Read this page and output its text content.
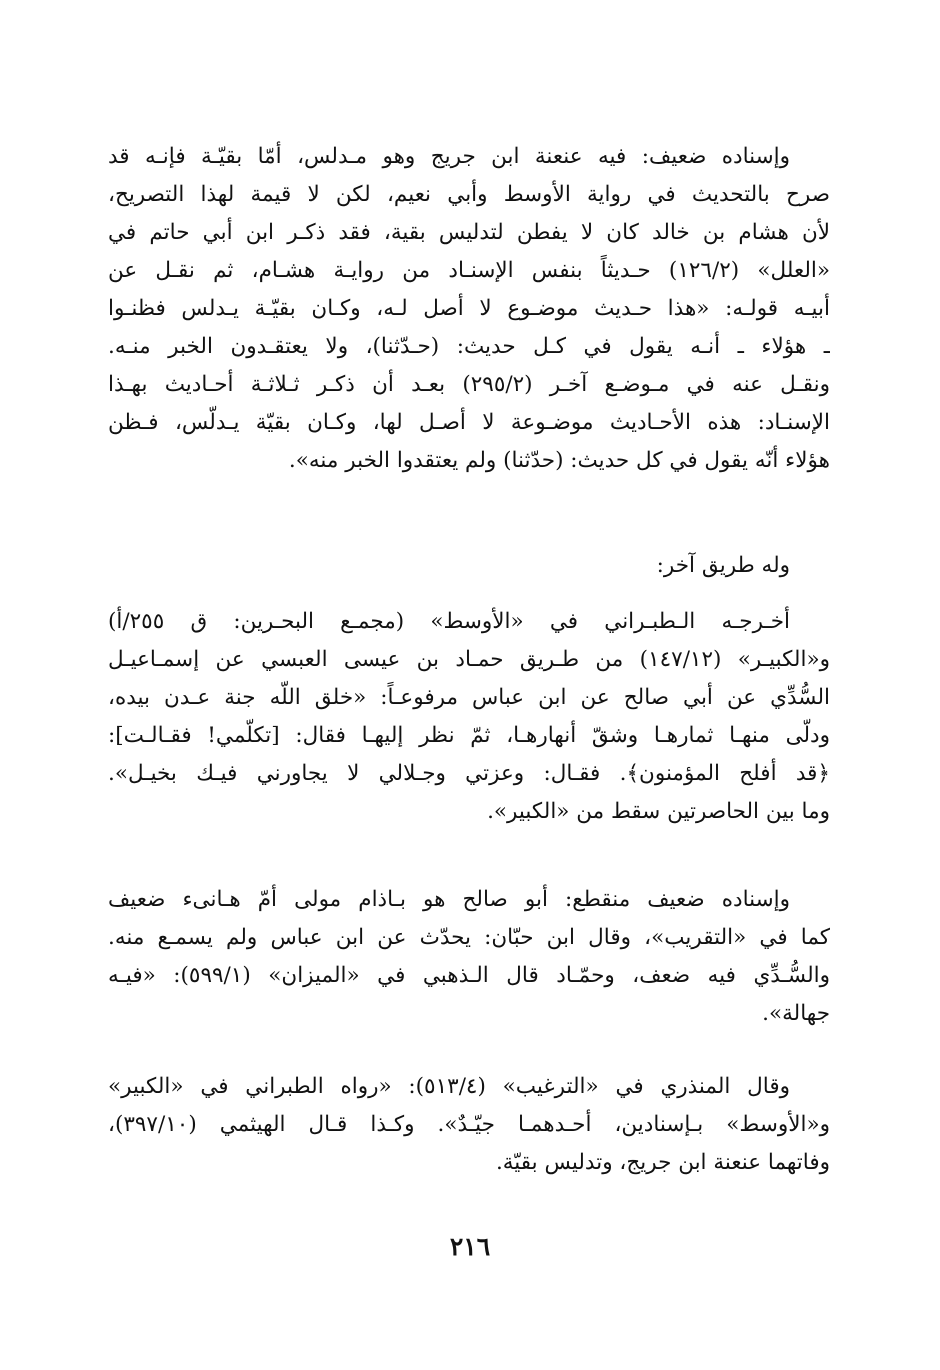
وإسناده ضعيف: فيه عنعنة ابن جريج وهو مـدلس، أمّا بقيّـة فإنـه قد
صرح بالتحديث في رواية الأوسط وأبي نعيم، لكن لا قيمة لهذا التصريح،
لأن هشام بن خالد كان لا يفطن لتدليس بقية، فقد ذكـر ابن أبي حاتم في
«العلل» (١٢٦/٢) حـديثاً بنفس الإسنـاد من روايـة هشـام، ثم نقـل عن
أبيـه قولـه: «هذا حـديث موضـوع لا أصل لـه، وكـان بقيّـة يـدلس فظنـوا
ـ هؤلاء ـ أنـه يقول في كـل حديث: (حـدّثنا)، ولا يعتقـدون الخبر منـه.
ونقـل عنه في مـوضـع آخـر (٢٩٥/٢) بعـد أن ذكـر ثـلاثـة أحـاديث بهـذا
الإسنـاد: هذه الأحـاديث موضـوعة لا أصـل لها، وكـان بقيّة يـدلّس، فـظن
هؤلاء أنّه يقول في كل حديث: (حدّثنا) ولم يعتقدوا الخبر منه».
وله طريق آخر:
أخـرجـه الـطبـراني في «الأوسط» (مجمـع البحـرين: ق ٢٥٥/أ)
و«الكبيـر» (١٤٧/١٢) من طـريق حمـاد بن عيسى العبسي عن إسمـاعيـل
السُّدِّي عن أبي صالح عن ابن عباس مرفوعـاً: «خلق اللّه جنة عـدن بيده،
ودلّى منهـا ثمارهـا وشقّ أنهارهـا، ثمّ نظر إليهـا فقال: [تكلّمي! فقـالـت]:
﴿قد أفلح المؤمنون﴾. فقـال: وعزتي وجـلالي لا يجاورني فيـك بخيـل».
وما بين الحاصرتين سقط من «الكبير».
وإسناده ضعيف منقطع: أبو صالح هو بـاذام مولى أمّ هـانىء ضعيف
كما في «التقريب»، وقال ابن حبّان: يحدّث عن ابن عباس ولم يسمـع منه.
والسُّـدِّي فيه ضعف، وحمّـاد قال الـذهبي في «الميزان» (٥٩٩/١): «فيـه
جهالة».
وقال المنذري في «الترغيب» (٥١٣/٤): «رواه الطبراني في «الكبير»
و«الأوسط» بـإسنادين، أحـدهمـا جيّـدٌ». وكـذا قـال الهيثمي (٣٩٧/١٠)،
وفاتهما عنعنة ابن جريج، وتدليس بقيّة.
٢١٦
